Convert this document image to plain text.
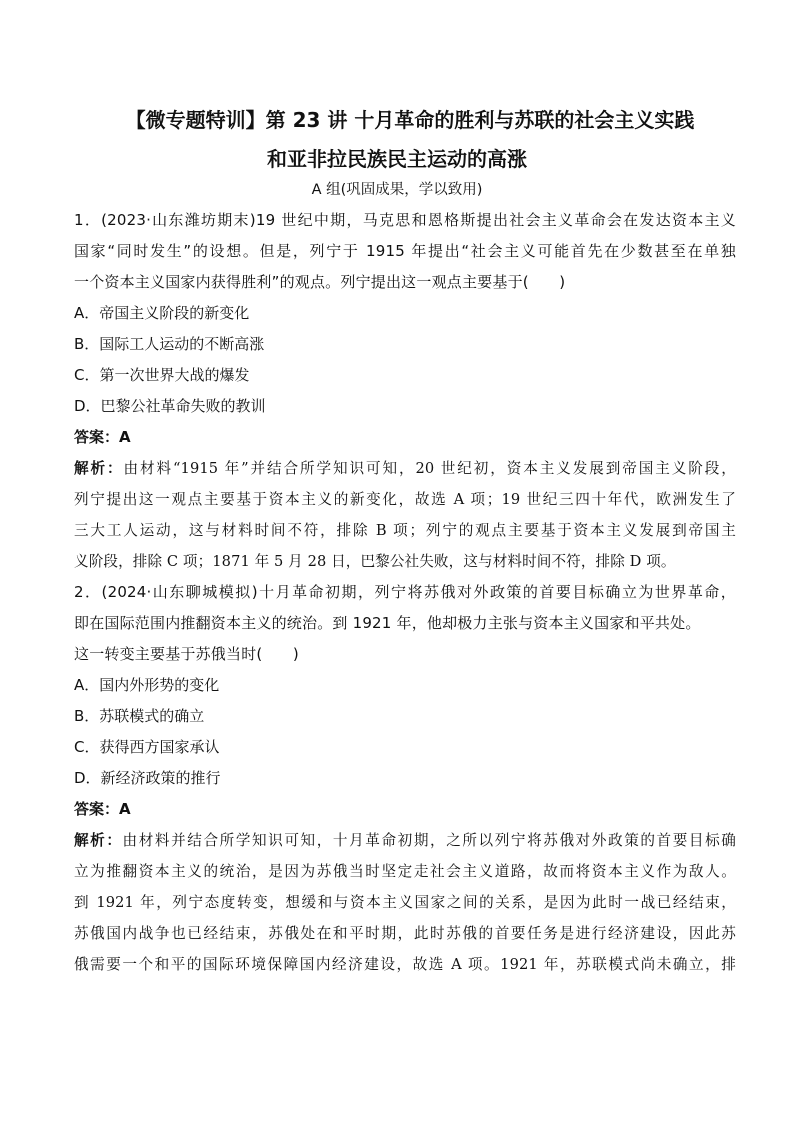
【微专题特训】第 23 讲 十月革命的胜利与苏联的社会主义实践
和亚非拉民族民主运动的高涨
A 组(巩固成果，学以致用)
1．(2023·山东潍坊期末)19 世纪中期，马克思和恩格斯提出社会主义革命会在发达资本主义
国家“同时发生”的设想。但是，列宁于 1915 年提出“社会主义可能首先在少数甚至在单独
一个资本主义国家内获得胜利”的观点。列宁提出这一观点主要基于(　　)
A．帝国主义阶段的新变化
B．国际工人运动的不断高涨
C．第一次世界大战的爆发
D．巴黎公社革命失败的教训
答案：A
解析：由材料“1915 年”并结合所学知识可知，20 世纪初，资本主义发展到帝国主义阶段，
列宁提出这一观点主要基于资本主义的新变化，故选 A 项；19 世纪三四十年代，欧洲发生了
三大工人运动，这与材料时间不符，排除 B 项；列宁的观点主要基于资本主义发展到帝国主
义阶段，排除 C 项；1871 年 5 月 28 日，巴黎公社失败，这与材料时间不符，排除 D 项。
2．(2024·山东聊城模拟)十月革命初期，列宁将苏俄对外政策的首要目标确立为世界革命，
即在国际范围内推翻资本主义的统治。到 1921 年，他却极力主张与资本主义国家和平共处。
这一转变主要基于苏俄当时(　　)
A．国内外形势的变化
B．苏联模式的确立
C．获得西方国家承认
D．新经济政策的推行
答案：A
解析：由材料并结合所学知识可知，十月革命初期，之所以列宁将苏俄对外政策的首要目标确
立为推翻资本主义的统治，是因为苏俄当时坚定走社会主义道路，故而将资本主义作为敌人。
到 1921 年，列宁态度转变，想缓和与资本主义国家之间的关系，是因为此时一战已经结束，
苏俄国内战争也已经结束，苏俄处在和平时期，此时苏俄的首要任务是进行经济建设，因此苏
俄需要一个和平的国际环境保障国内经济建设，故选 A 项。1921 年，苏联模式尚未确立，排
